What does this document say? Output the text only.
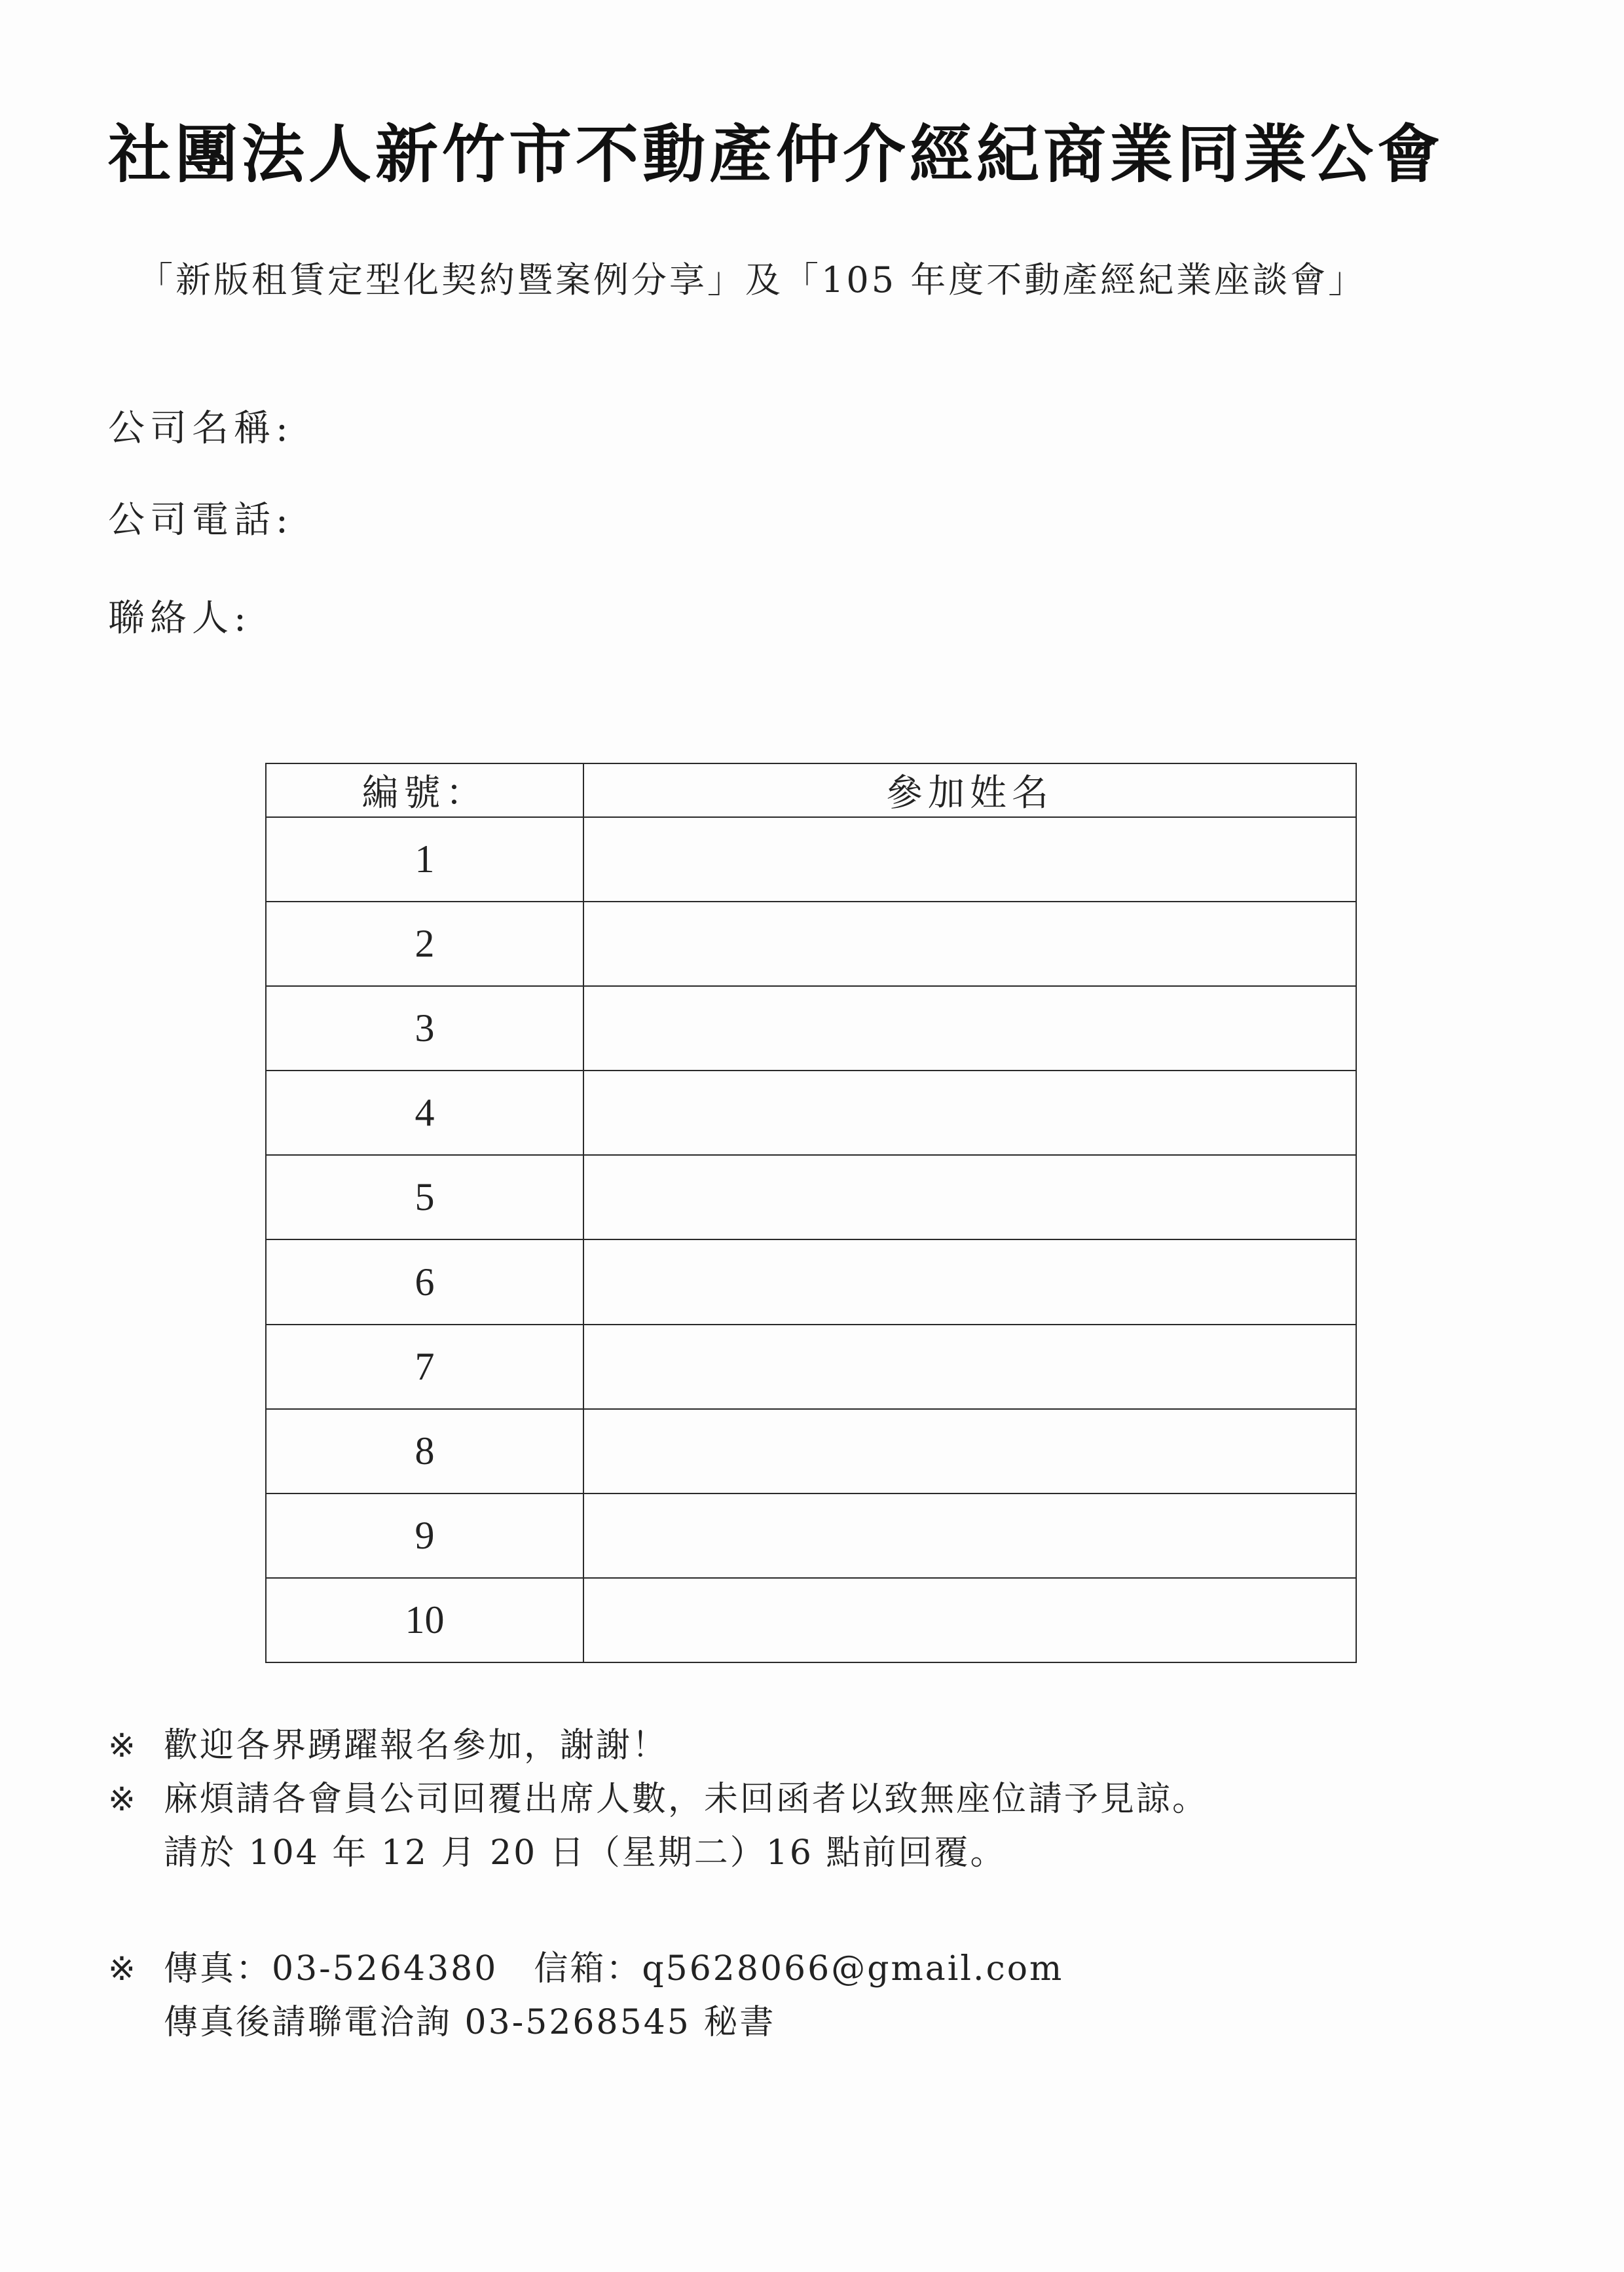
社團法人新竹市不動產仲介經紀商業同業公會
「新版租賃定型化契約暨案例分享」及「105 年度不動產經紀業座談會」
公司名稱:
公司電話:
聯絡人:
編號：	參加姓名
1	
2	
3	
4	
5	
6	
7	
8	
9	
10	
※ 歡迎各界踴躍報名參加，謝謝！
※ 麻煩請各會員公司回覆出席人數，未回函者以致無座位請予見諒。
請於 104 年 12 月 20 日（星期二）16 點前回覆。
※ 傳真：03-5264380　信箱：q5628066@gmail.com
傳真後請聯電洽詢 03-5268545 秘書
